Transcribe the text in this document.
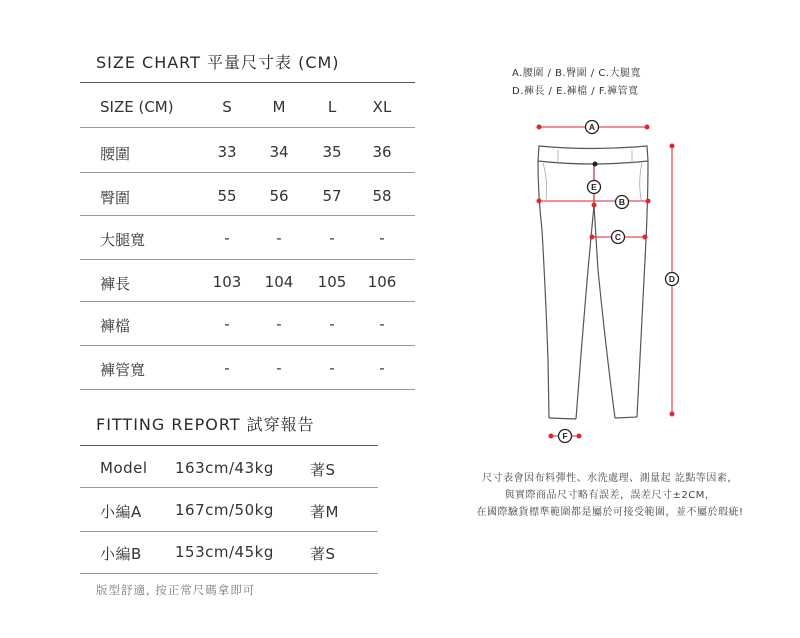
SIZE CHART 平量尺寸表 (CM)
SIZE (CM)	S	M	L	XL
腰圍	33	34	35	36
臀圍	55	56	57	58
大腿寬	-	-	-	-
褲長	103	104	105	106
褲檔	-	-	-	-
褲管寬	-	-	-	-
FITTING REPORT 試穿報告
Model 163cm/43kg 著S
小編A 167cm/50kg 著M
小編B 153cm/45kg 著S
版型舒適, 按正常尺碼拿即可
A.腰圍 / B.臀圍 / C.大腿寬
D.褲長 / E.褲檔 / F.褲管寬
A
B
C
D
E
F
尺寸表會因布料彈性、水洗處理、測量起 訖點等因素，
與實際商品尺寸略有誤差，誤差尺寸±2CM，
在國際驗貨標準範圍都是屬於可接受範圍，並不屬於瑕疵!
